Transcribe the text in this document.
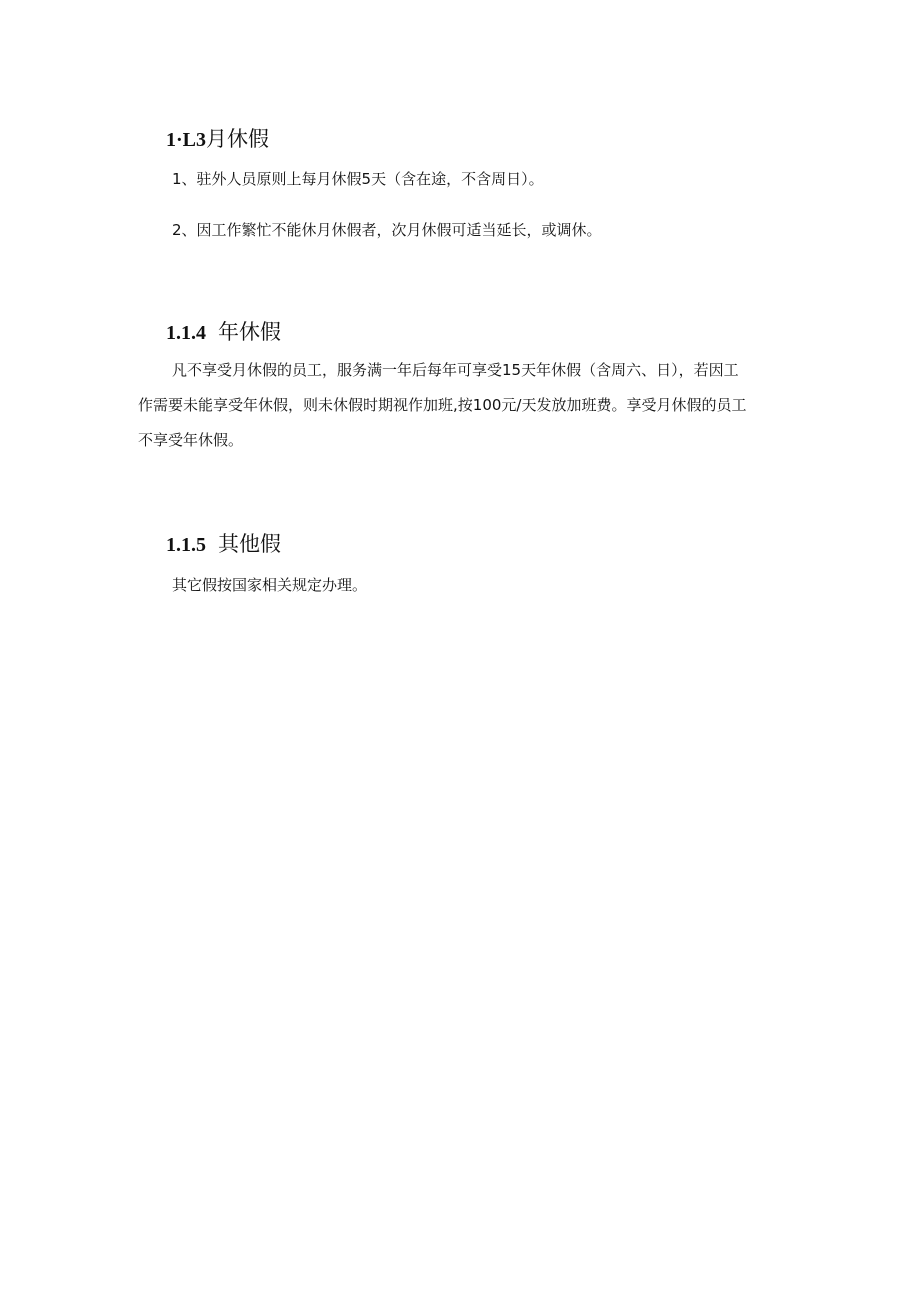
1·L3月休假
1、驻外人员原则上每月休假5天（含在途，不含周日）。
2、因工作繁忙不能休月休假者，次月休假可适当延长，或调休。
1.1.4 年休假
凡不享受月休假的员工，服务满一年后每年可享受15天年休假（含周六、日），若因工
作需要未能享受年休假，则未休假时期视作加班,按100元/天发放加班费。享受月休假的员工
不享受年休假。
1.1.5 其他假
其它假按国家相关规定办理。
